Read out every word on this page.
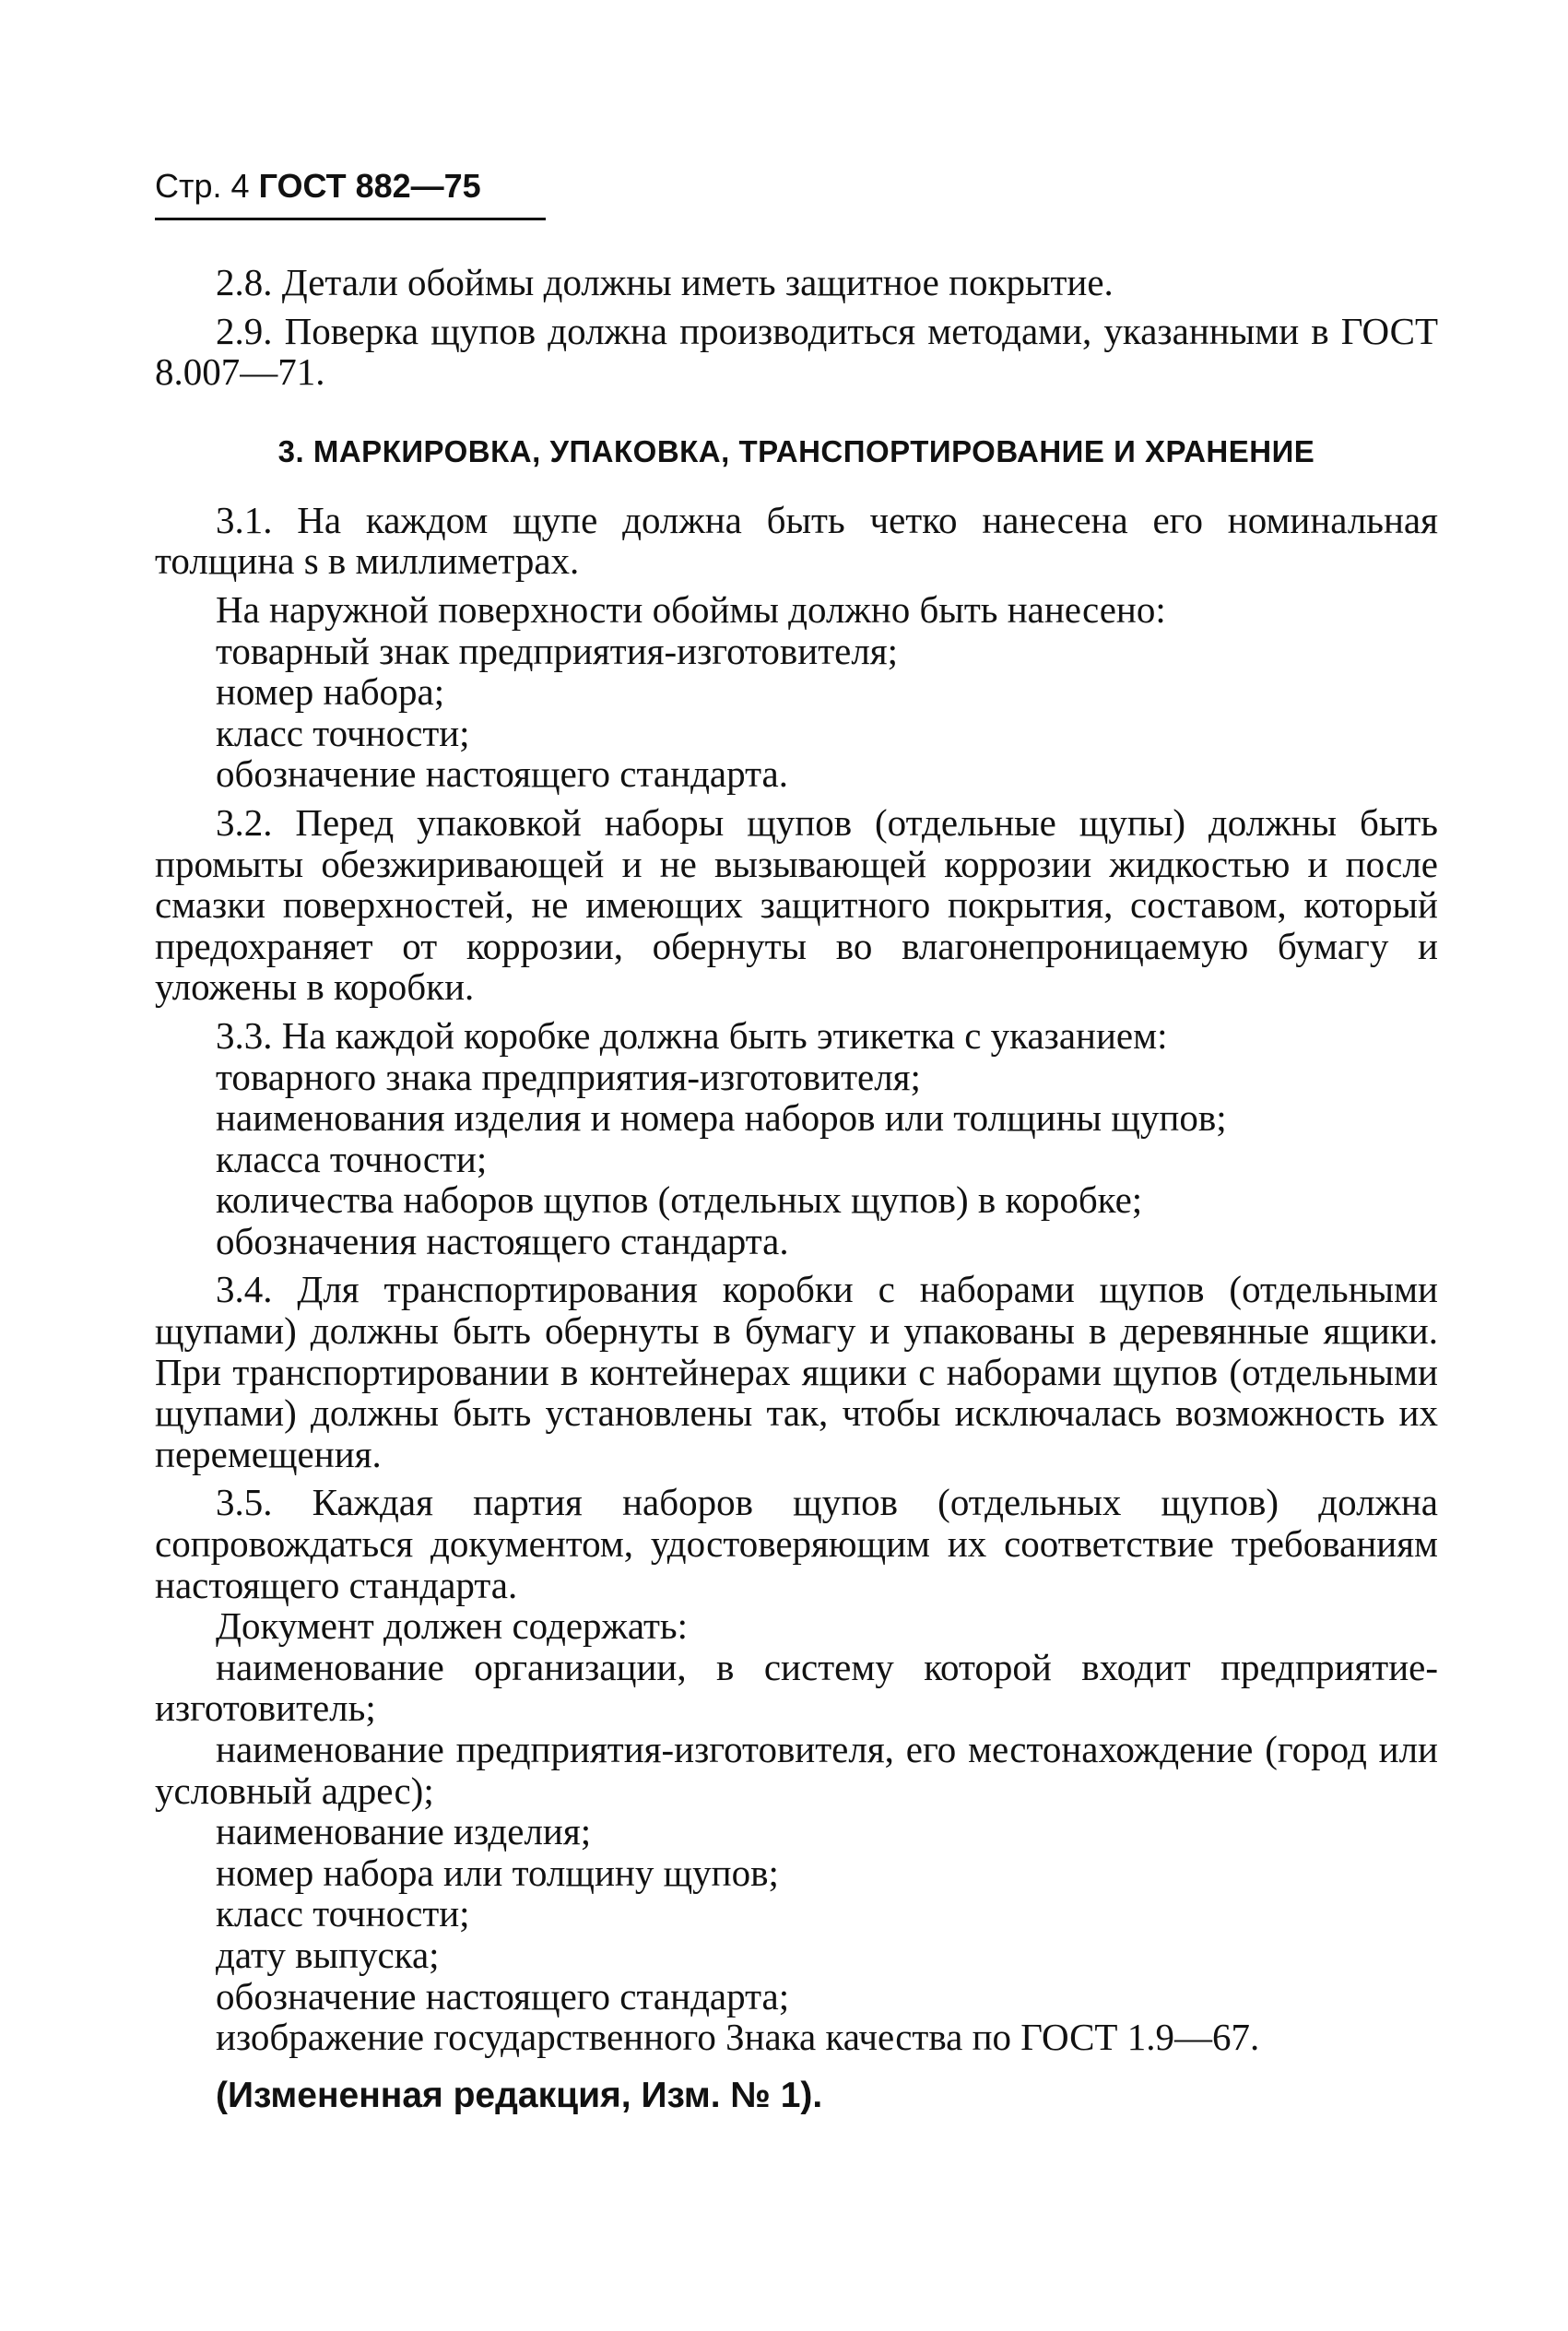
Стр. 4 ГОСТ 882—75

2.8. Детали обоймы должны иметь защитное покрытие.

2.9. Поверка щупов должна производиться методами, указанными в ГОСТ 8.007—71.

3. МАРКИРОВКА, УПАКОВКА, ТРАНСПОРТИРОВАНИЕ И ХРАНЕНИЕ

3.1. На каждом щупе должна быть четко нанесена его номинальная толщина s в миллиметрах.

На наружной поверхности обоймы должно быть нанесено:

товарный знак предприятия-изготовителя;

номер набора;

класс точности;

обозначение настоящего стандарта.

3.2. Перед упаковкой наборы щупов (отдельные щупы) должны быть промыты обезжиривающей и не вызывающей коррозии жидкостью и после смазки поверхностей, не имеющих защитного покрытия, составом, который предохраняет от коррозии, обернуты во влагонепроницаемую бумагу и уложены в коробки.

3.3. На каждой коробке должна быть этикетка с указанием:

товарного знака предприятия-изготовителя;

наименования изделия и номера наборов или толщины щупов;

класса точности;

количества наборов щупов (отдельных щупов) в коробке;

обозначения настоящего стандарта.

3.4. Для транспортирования коробки с наборами щупов (отдельными щупами) должны быть обернуты в бумагу и упакованы в деревянные ящики. При транспортировании в контейнерах ящики с наборами щупов (отдельными щупами) должны быть установлены так, чтобы исключалась возможность их перемещения.

3.5. Каждая партия наборов щупов (отдельных щупов) должна сопровождаться документом, удостоверяющим их соответствие требованиям настоящего стандарта.

Документ должен содержать:

наименование организации, в систему которой входит предприятие-изготовитель;

наименование предприятия-изготовителя, его местонахождение (город или условный адрес);

наименование изделия;

номер набора или толщину щупов;

класс точности;

дату выпуска;

обозначение настоящего стандарта;

изображение государственного Знака качества по ГОСТ 1.9—67.

(Измененная редакция, Изм. № 1).
